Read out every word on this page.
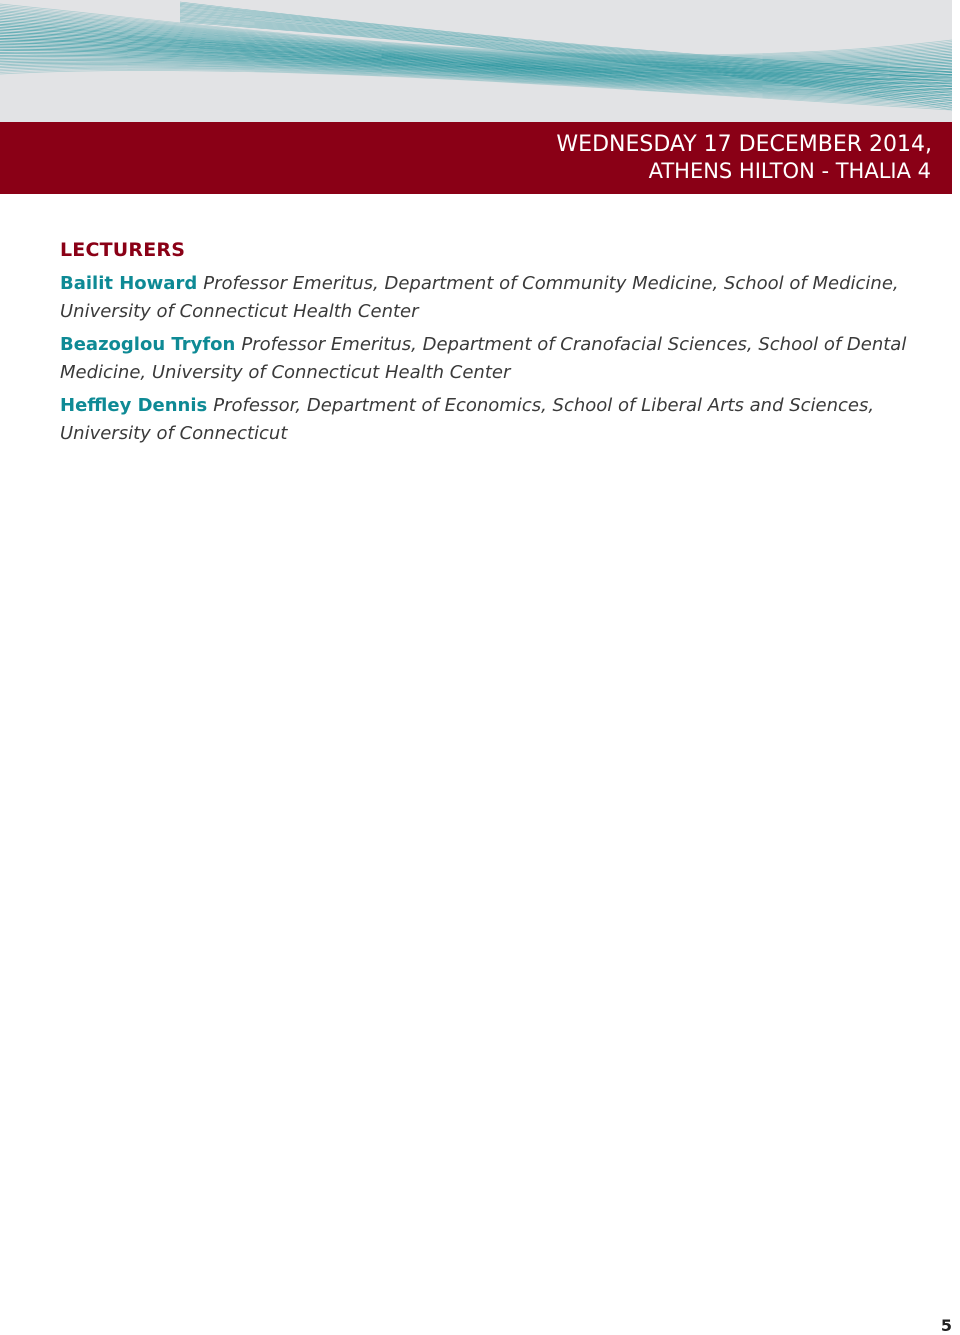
WEDNESDAY 17 DECEMBER 2014,
ATHENS HILTON - THALIA 4
LECTURERS
Bailit Howard Professor Emeritus, Department of Community Medicine, School of Medicine, University of Connecticut Health Center
Beazoglou Tryfon Professor Emeritus, Department of Cranofacial Sciences, School of Dental Medicine, University of Connecticut Health Center
Heffley Dennis Professor, Department of Economics, School of Liberal Arts and Sciences, University of Connecticut
5
